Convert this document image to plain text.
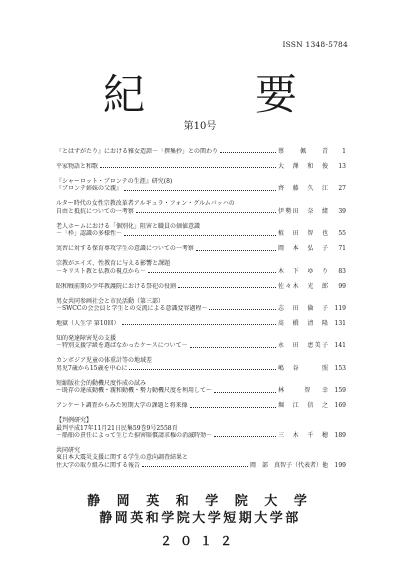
ISSN 1348-5784
紀　要
第10号
『とはずがたり』における雅女造譚－「撰集抄」との関わり	蔡　佩　青	1
平家物語と和歌	大　澤　和　俊	13
『シャーロット・ブロンテの生涯』研究(8)
『ブロンテ姉妹の父親』	齊　藤　久　江	27
ルター時代の女性宗教改革者アルギュラ・フォン・グルムバッハの
自由と抵抗についての一考察	伊勢田　奈　緒	39
老人ホームにおける「個別化」阻害と職員の価値意識
－「枠」認識の多様性－	植　田　智　也	55
実習に対する保育専攻学生の意識についての一考察	岡　本　弘　子	71
宗教がエイズ、性教育に与える影響と課題
－キリスト教と仏教の視点から－	木　下　ゆ　り	83
昭和戦前期の少年教護院における祭祀の役割	佐々木　光　郎	99
男女共同参画社会と市民活動（第三部）
－SWCCの会会員と学生との交流による意識変容過程－	志　田　倫　子	119
地獄（人生学 第10回）	髙　橋　清　隆	131
知的発達障害児の支援
－特別支援学級を選ばなかったケースについて－	永　田　恵美子	141
カンボジア児童の体重計等の地域差
男児7歳から15歳を中心に	嶋　谷　　　照	153
短縮版社会的動機尺度作成の試み
～既存の達成動機・親和動機・勢力動機尺度を利用して～	林　　智　幸	159
アンケート調査からみた短期大学の課題と将来像	堀　江　信　之	169
【判例研究】
最判平成17年11月21日民集59巻9号2558頁
－船舶の責任によって生じた損害賠償請求権の消滅時効－	三　木　千　穂	189
共同研究
東日本大震災支援に関する学生の意向調査結果と
住大学の取り組みに関する報告	岡　部　真智子（代表者）他	199
静 岡 英 和 学 院 大 学
静岡英和学院大学短期大学部
２０１２
